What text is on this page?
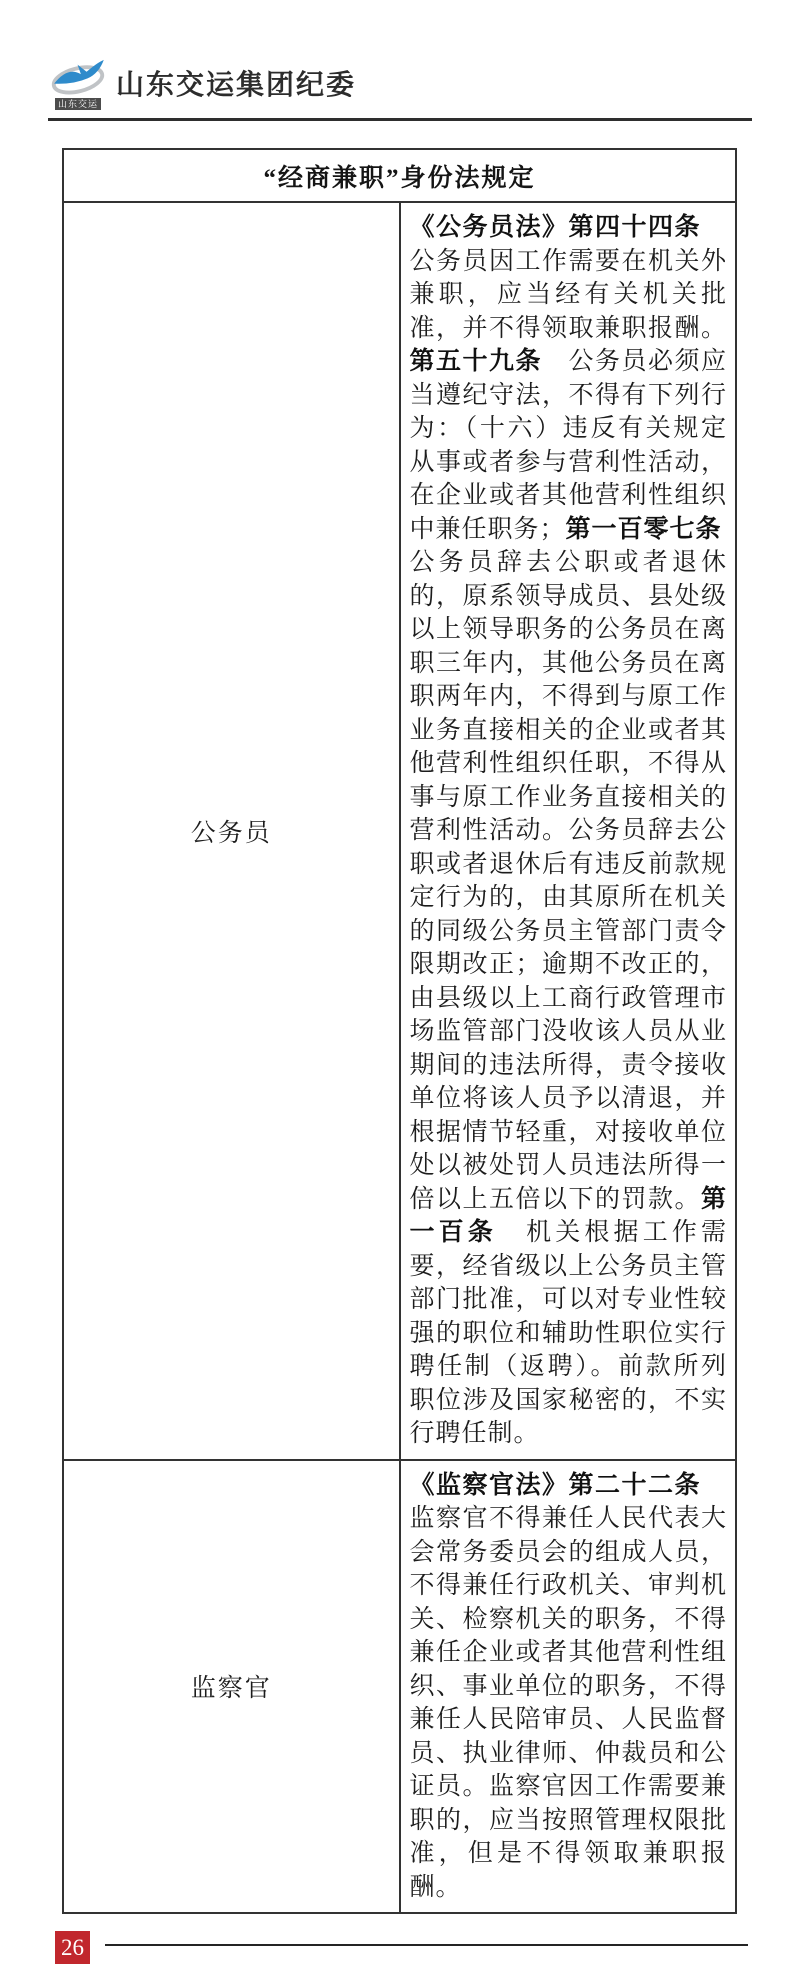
山东交运
山东交运集团纪委
“经商兼职”身份法规定	
公务员	《公务员法》第四十四条　公务员因工作需要在机关外兼职，应当经有关机关批准，并不得领取兼职报酬。第五十九条　公务员必须应当遵纪守法，不得有下列行为：（十六）违反有关规定从事或者参与营利性活动，在企业或者其他营利性组织中兼任职务；第一百零七条　公务员辞去公职或者退休的，原系领导成员、县处级以上领导职务的公务员在离职三年内，其他公务员在离职两年内，不得到与原工作业务直接相关的企业或者其他营利性组织任职，不得从事与原工作业务直接相关的营利性活动。公务员辞去公职或者退休后有违反前款规定行为的，由其原所在机关的同级公务员主管部门责令限期改正；逾期不改正的，由县级以上工商行政管理市场监管部门没收该人员从业期间的违法所得，责令接收单位将该人员予以清退，并根据情节轻重，对接收单位处以被处罚人员违法所得一倍以上五倍以下的罚款。第一百条　机关根据工作需要，经省级以上公务员主管部门批准，可以对专业性较强的职位和辅助性职位实行聘任制（返聘）。前款所列职位涉及国家秘密的，不实行聘任制。

监察官	《监察官法》第二十二条　监察官不得兼任人民代表大会常务委员会的组成人员，不得兼任行政机关、审判机关、检察机关的职务，不得兼任企业或者其他营利性组织、事业单位的职务，不得兼任人民陪审员、人民监督员、执业律师、仲裁员和公证员。监察官因工作需要兼职的，应当按照管理权限批准，但是不得领取兼职报酬。

26
